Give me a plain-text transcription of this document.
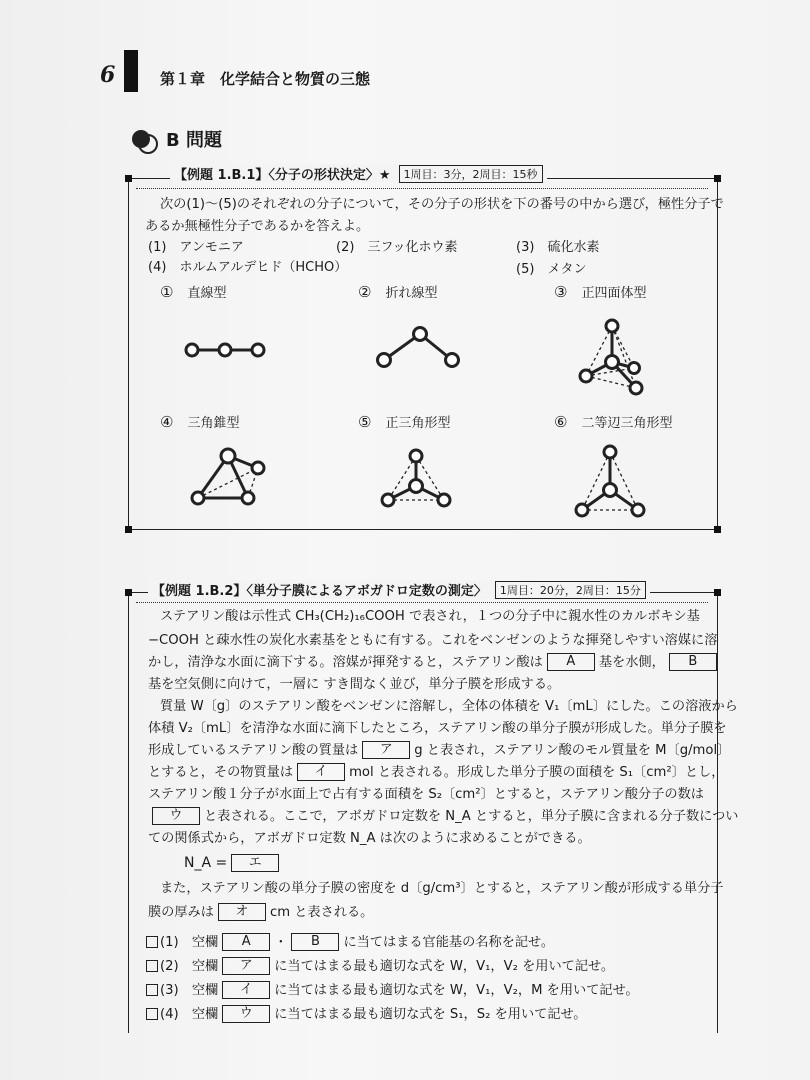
6	第１章　化学結合と物質の三態
B 問題
【例題 1.B.1】〈分子の形状決定〉★	1周目：3分，2周目：15秒
次の(1)〜(5)のそれぞれの分子について，その分子の形状を下の番号の中から選び，極性分子で
あるか無極性分子であるかを答えよ。
(1)　 アンモニア	(2)　 三フッ化ホウ素	(3)　 硫化水素
(4)　 ホルムアルデヒド（HCHO）	(5)　 メタン
① 直線型	② 折れ線型	③ 正四面体型
④ 三角錐型	⑤ 正三角形型	⑥ 二等辺三角形型
【例題 1.B.2】〈単分子膜によるアボガドロ定数の測定〉	1周目：20分，2周目：15分
ステアリン酸は示性式 CH₃(CH₂)₁₆COOH で表され，１つの分子中に親水性のカルボキシ基
−COOH と疎水性の炭化水素基をともに有する。これをベンゼンのような揮発しやすい溶媒に溶
かし，清浄な水面に滴下する。溶媒が揮発すると，ステアリン酸は A 基を水側， B
基を空気側に向けて，一層に すき間なく並び，単分子膜を形成する。
質量 W〔g〕のステアリン酸をベンゼンに溶解し，全体の体積を V₁〔mL〕にした。この溶液から
体積 V₂〔mL〕を清浄な水面に滴下したところ，ステアリン酸の単分子膜が形成した。単分子膜を
形成しているステアリン酸の質量は ア g と表され，ステアリン酸のモル質量を M〔g/mol〕
とすると，その物質量は イ mol と表される。形成した単分子膜の面積を S₁〔cm²〕とし，
ステアリン酸１分子が水面上で占有する面積を S₂〔cm²〕とすると，ステアリン酸分子の数は
ウ と表される。ここで，アボガドロ定数を N_A とすると，単分子膜に含まれる分子数につい
ての関係式から，アボガドロ定数 N_A は次のように求めることができる。
N_A = エ
また，ステアリン酸の単分子膜の密度を d〔g/cm³〕とすると，ステアリン酸が形成する単分子
膜の厚みは オ cm と表される。
(1)　 空欄 A ・ B に当てはまる官能基の名称を記せ。
(2)　 空欄 ア に当てはまる最も適切な式を W，V₁，V₂ を用いて記せ。
(3)　 空欄 イ に当てはまる最も適切な式を W，V₁，V₂，M を用いて記せ。
(4)　 空欄 ウ に当てはまる最も適切な式を S₁，S₂ を用いて記せ。
